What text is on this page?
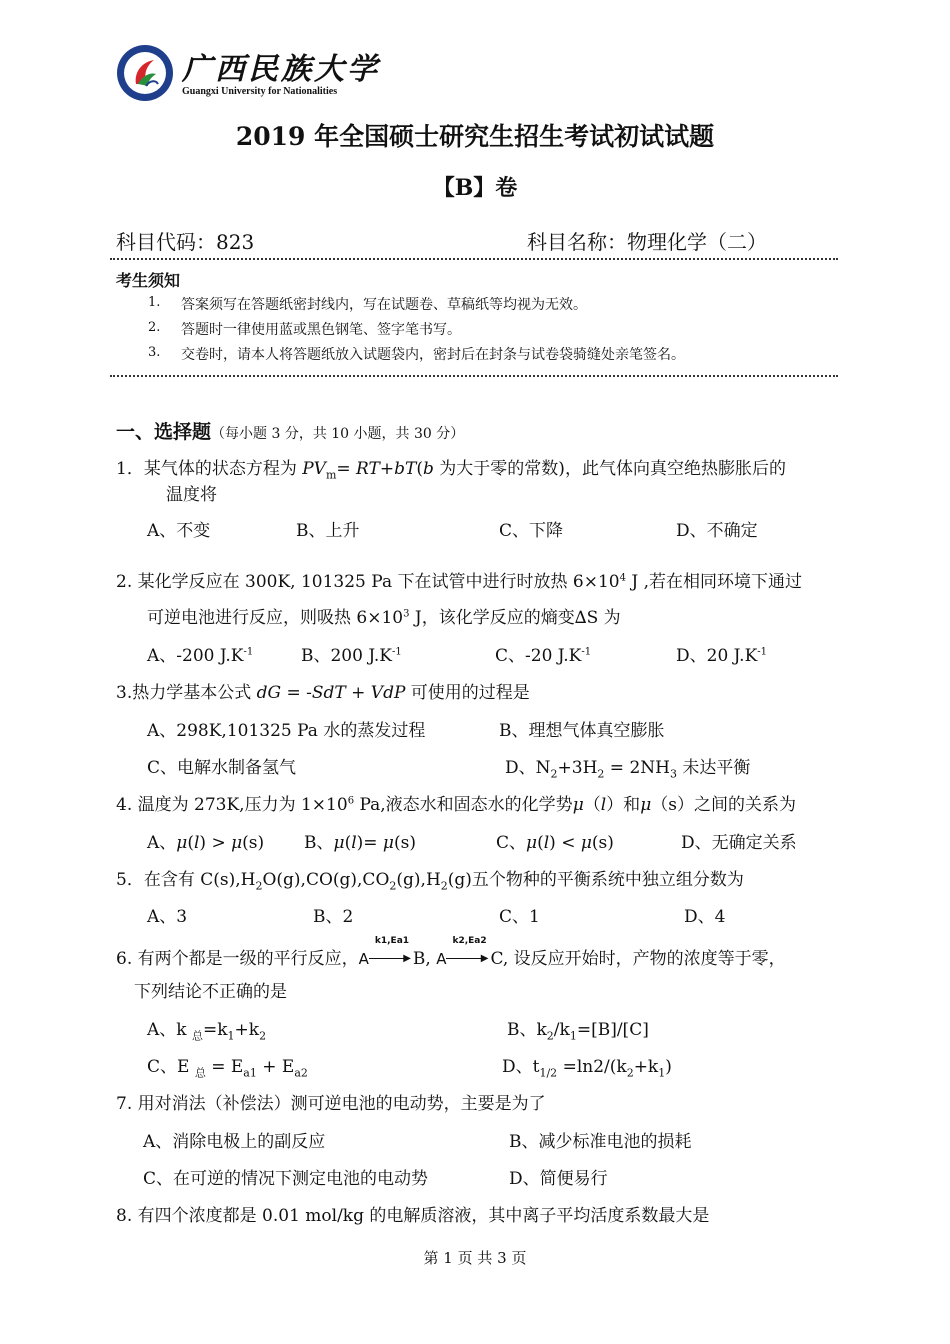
广西民族大学
Guangxi University for Nationalities
2019 年全国硕士研究生招生考试初试试题
【B】卷
科目代码：823	科目名称：物理化学（二）
考生须知
1. 答案须写在答题纸密封线内，写在试题卷、草稿纸等均视为无效。
2. 答题时一律使用蓝或黑色钢笔、签字笔书写。
3. 交卷时，请本人将答题纸放入试题袋内，密封后在封条与试卷袋骑缝处亲笔签名。
一、选择题（每小题 3 分，共 10 小题，共 30 分）
1．某气体的状态方程为 $PV_m= RT+bT(b$ 为大于零的常数)，此气体向真空绝热膨胀后的
温度将
A、不变	B、上升	C、下降	D、不确定
2. 某化学反应在 300K, 101325 Pa 下在试管中进行时放热 $6\times 10^4$ J ,若在相同环境下通过
可逆电池进行反应，则吸热 $6\times 10^3$ J，该化学反应的熵变∆S 为
A、-200 $J.K^{-1}$	B、200 $J.K^{-1}$	C、-20 $J.K^{-1}$	D、20 $J.K^{-1}$
3.热力学基本公式 dG = -SdT + VdP 可使用的过程是
A、298K,101325 Pa 水的蒸发过程	B、理想气体真空膨胀
C、电解水制备氢气	D、$N_2+3H_2 = 2NH_3$ 未达平衡
4. 温度为 273K,压力为 $1\times 10^6$ Pa,液态水和固态水的化学势μ（l）和μ（s）之间的关系为
A、μ(l) > μ(s) B、μ(l)= μ(s)	C、μ(l) < μ(s)	D、无确定关系
5．在含有 $C(s),H_2O(g),CO(g),CO_2(g),H_2(g)$五个物种的平衡系统中独立组分数为
A、3	B、2	C、1	D、4
6. 有两个都是一级的平行反应，A
k1,Ea1
▶ B, A
k2,Ea2
▶ C, 设反应开始时，产物的浓度等于零，
下列结论不正确的是
A、k $_总=k_1+k_2$	B、$k_2/k_1=[B]/[C]$
C、E $_总 = E_{a1} + E_{a2}$	D、$t_{1/2} =\ln 2/(k_2+k_1)$
7. 用对消法（补偿法）测可逆电池的电动势，主要是为了
A、消除电极上的副反应	B、减少标准电池的损耗
C、在可逆的情况下测定电池的电动势	D、简便易行
8. 有四个浓度都是 0.01 mol/kg 的电解质溶液，其中离子平均活度系数最大是
第 1 页 共 3 页
